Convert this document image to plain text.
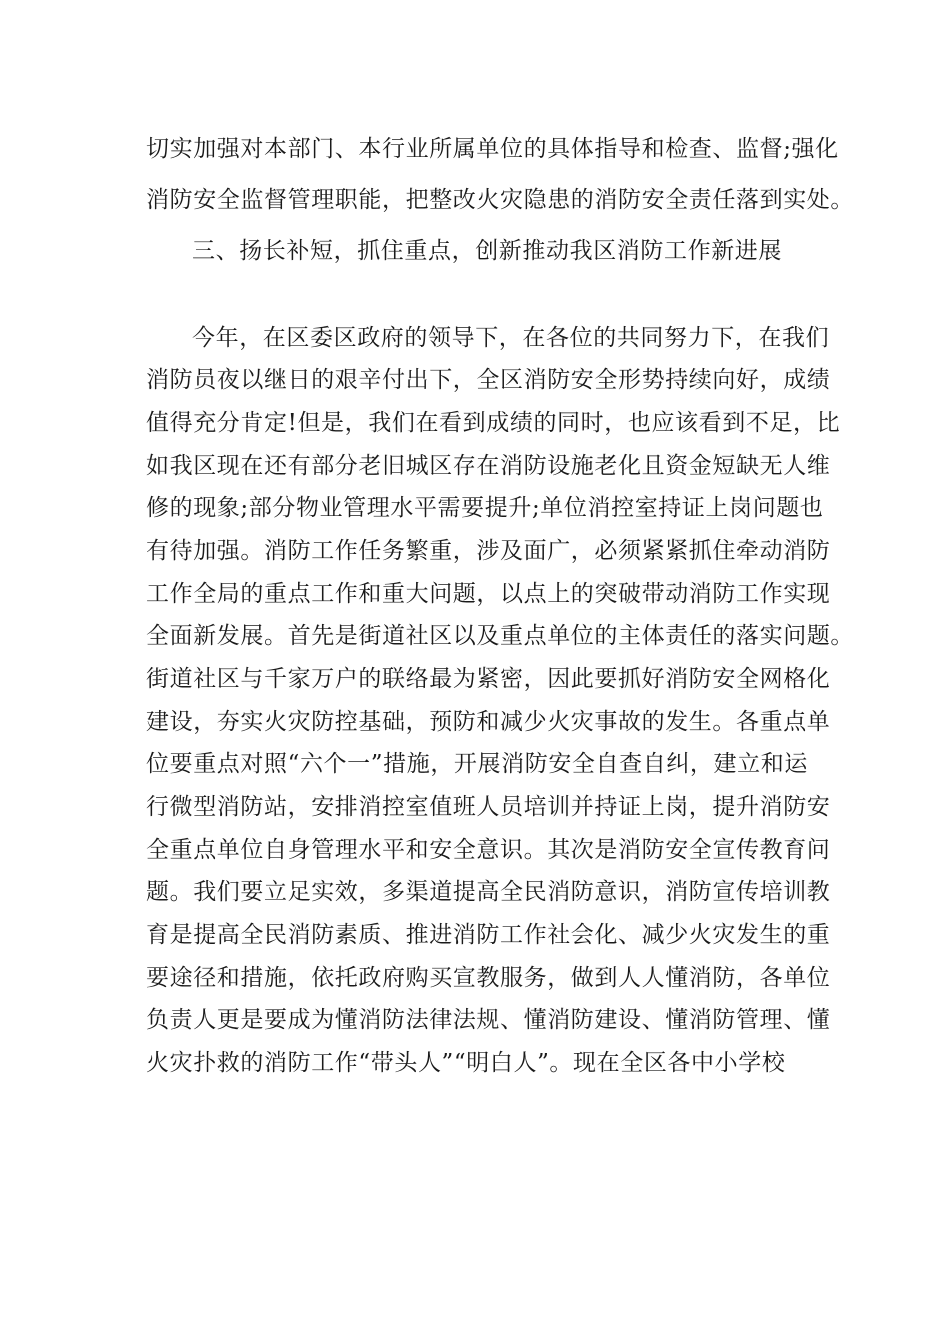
切实加强对本部门、本行业所属单位的具体指导和检查、监督;强化

消防安全监督管理职能，把整改火灾隐患的消防安全责任落到实处。

三、扬长补短，抓住重点，创新推动我区消防工作新进展

今年，在区委区政府的领导下，在各位的共同努力下，在我们

消防员夜以继日的艰辛付出下，全区消防安全形势持续向好，成绩

值得充分肯定!但是，我们在看到成绩的同时，也应该看到不足，比

如我区现在还有部分老旧城区存在消防设施老化且资金短缺无人维

修的现象;部分物业管理水平需要提升;单位消控室持证上岗问题也

有待加强。消防工作任务繁重，涉及面广，必须紧紧抓住牵动消防

工作全局的重点工作和重大问题，以点上的突破带动消防工作实现

全面新发展。首先是街道社区以及重点单位的主体责任的落实问题。

街道社区与千家万户的联络最为紧密，因此要抓好消防安全网格化

建设，夯实火灾防控基础，预防和减少火灾事故的发生。各重点单

位要重点对照“六个一”措施，开展消防安全自查自纠，建立和运

行微型消防站，安排消控室值班人员培训并持证上岗，提升消防安

全重点单位自身管理水平和安全意识。其次是消防安全宣传教育问

题。我们要立足实效，多渠道提高全民消防意识，消防宣传培训教

育是提高全民消防素质、推进消防工作社会化、减少火灾发生的重

要途径和措施，依托政府购买宣教服务，做到人人懂消防，各单位

负责人更是要成为懂消防法律法规、懂消防建设、懂消防管理、懂

火灾扑救的消防工作“带头人”“明白人”。现在全区各中小学校
